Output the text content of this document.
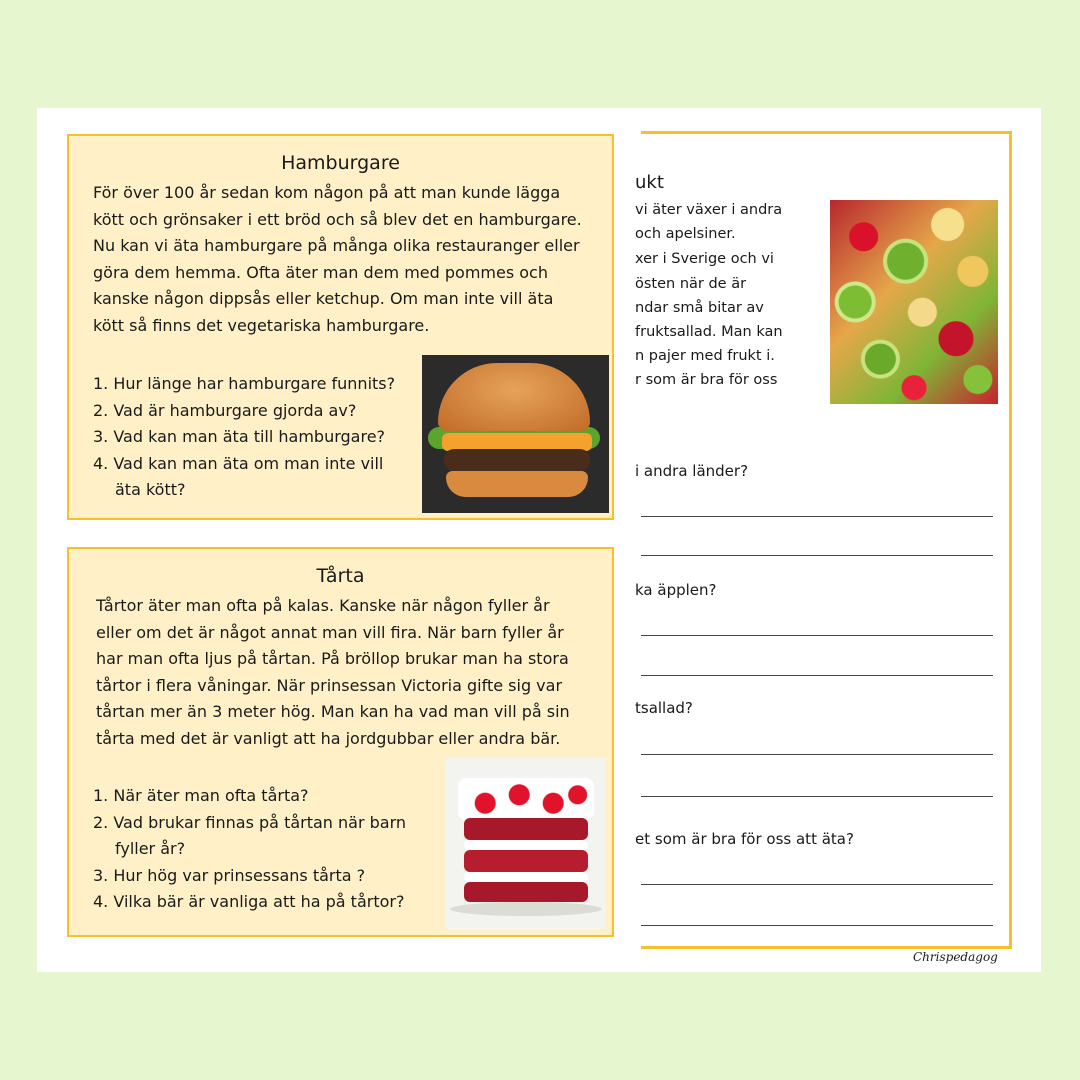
ukt
vi äter växer i andra
och apelsiner.
xer i Sverige och vi
östen när de är
ndar små bitar av
fruktsallad. Man kan
n pajer med frukt i.
r som är bra för oss
i andra länder?
ka äpplen?
tsallad?
et som är bra för oss att äta?
Hamburgare

För över 100 år sedan kom någon på att man kunde lägga

kött och grönsaker i ett bröd och så blev det en hamburgare.

Nu kan vi äta hamburgare på många olika restauranger eller

göra dem hemma. Ofta äter man dem med pommes och

kanske någon dippsås eller ketchup. Om man inte vill äta

kött så finns det vegetariska hamburgare.

1. Hur länge har hamburgare funnits?
2. Vad är hamburgare gjorda av?
3. Vad kan man äta till hamburgare?
4. Vad kan man äta om man inte vill
äta kött?
Tårta

Tårtor äter man ofta på kalas. Kanske när någon fyller år

eller om det är något annat man vill fira. När barn fyller år

har man ofta ljus på tårtan. På bröllop brukar man ha stora

tårtor i flera våningar. När prinsessan Victoria gifte sig var

tårtan mer än 3 meter hög. Man kan ha vad man vill på sin

tårta med det är vanligt att ha jordgubbar eller andra bär.

1. När äter man ofta tårta?
2. Vad brukar finnas på tårtan när barn
fyller år?
3. Hur hög var prinsessans tårta ?
4. Vilka bär är vanliga att ha på tårtor?
Chrispedagog
